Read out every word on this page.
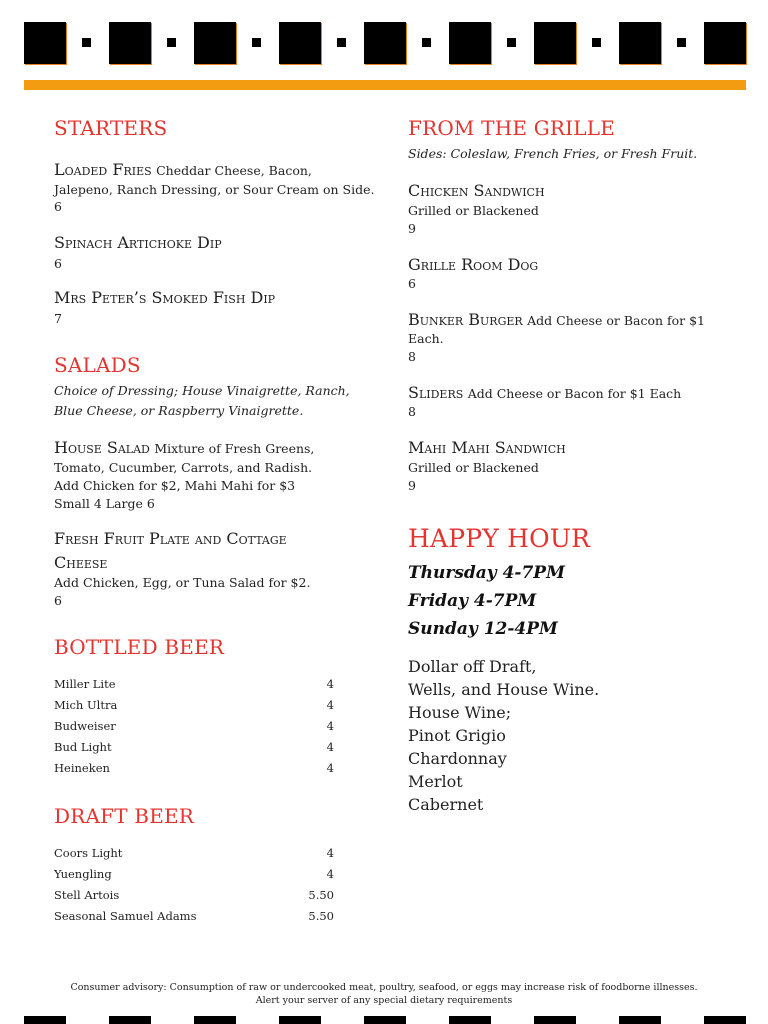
STARTERS
Loaded Fries Cheddar Cheese, Bacon,
Jalepeno, Ranch Dressing, or Sour Cream on Side.
6
Spinach Artichoke Dip
6
Mrs Peter’s Smoked Fish Dip
7
SALADS
Choice of Dressing; House Vinaigrette, Ranch,
Blue Cheese, or Raspberry Vinaigrette.
House Salad Mixture of Fresh Greens,
Tomato, Cucumber, Carrots, and Radish.
Add Chicken for $2, Mahi Mahi for $3
Small 4 Large 6
Fresh Fruit Plate and Cottage
Cheese
Add Chicken, Egg, or Tuna Salad for $2.
6
BOTTLED BEER
Miller Lite	4
Mich Ultra	4
Budweiser	4
Bud Light	4
Heineken	4
DRAFT BEER
Coors Light	4
Yuengling	4
Stell Artois	5.50
Seasonal Samuel Adams	5.50
FROM THE GRILLE
Sides: Coleslaw, French Fries, or Fresh Fruit.
Chicken Sandwich
Grilled or Blackened
9
Grille Room Dog
6
Bunker Burger Add Cheese or Bacon for $1
Each.
8
Sliders Add Cheese or Bacon for $1 Each
8
Mahi Mahi Sandwich
Grilled or Blackened
9
HAPPY HOUR
Thursday 4-7PM
Friday 4-7PM
Sunday 12-4PM
Dollar off Draft,
Wells, and House Wine.
House Wine;
Pinot Grigio
Chardonnay
Merlot
Cabernet
Consumer advisory: Consumption of raw or undercooked meat, poultry, seafood, or eggs may increase risk of foodborne illnesses.
Alert your server of any special dietary requirements
